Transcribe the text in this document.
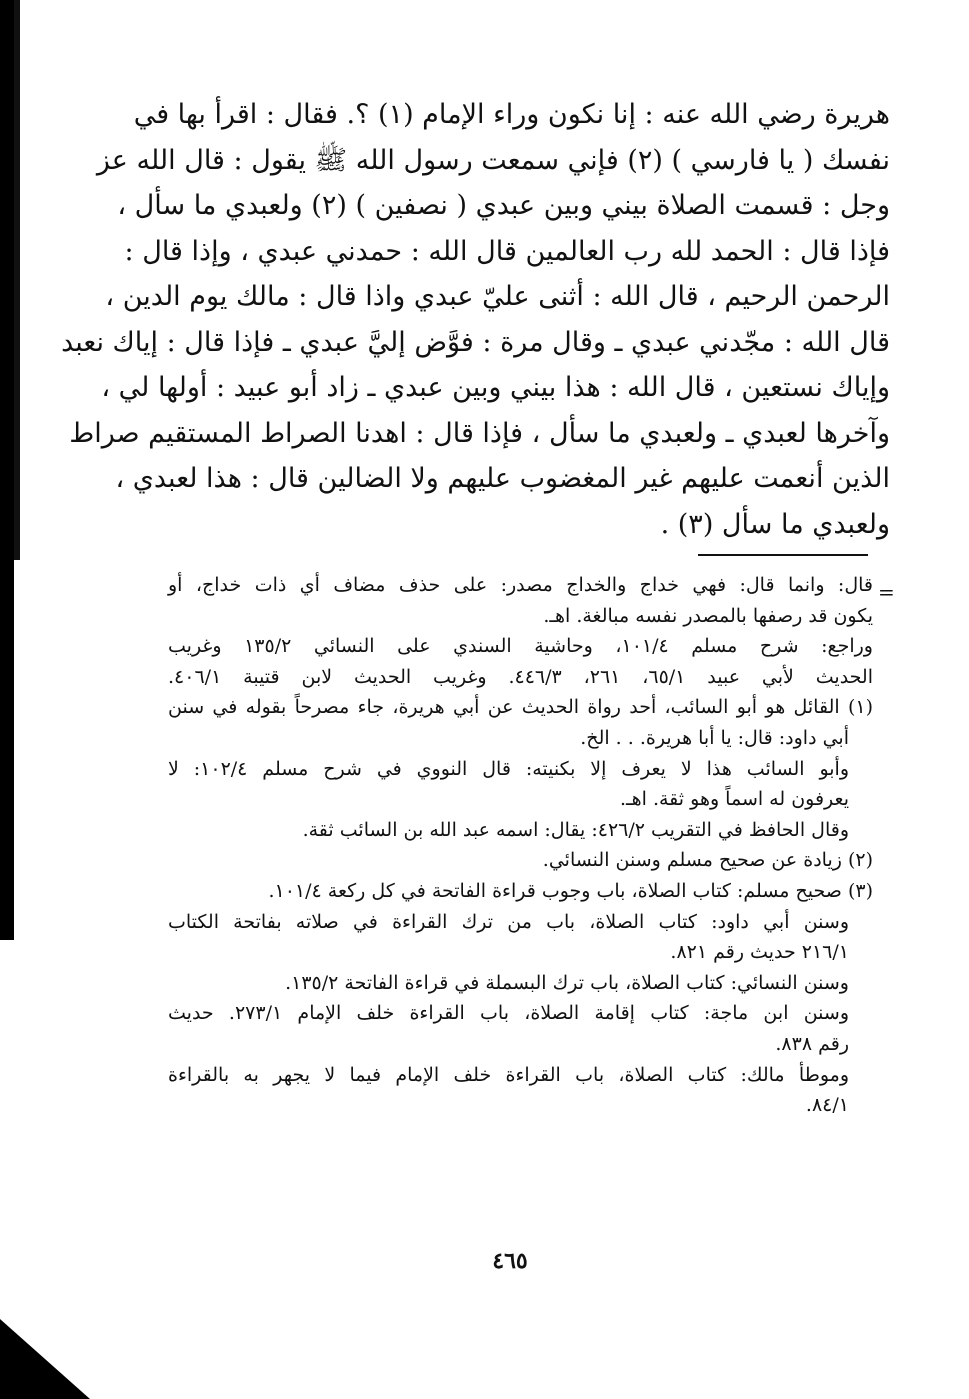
هريرة رضي الله عنه : إنا نكون وراء الإمام (١) ؟. فقال : اقرأ بها في
نفسك ( يا فارسي ) (٢) فإني سمعت رسول الله ﷺ يقول : قال الله عز
وجل : قسمت الصلاة بيني وبين عبدي ( نصفين ) (٢) ولعبدي ما سأل ،
فإذا قال : الحمد لله رب العالمين قال الله : حمدني عبدي ، وإذا قال :
الرحمن الرحيم ، قال الله : أثنى عليّ عبدي واذا قال : مالك يوم الدين ،
قال الله : مجّدني عبدي ـ وقال مرة : فوَّض إليَّ عبدي ـ فإذا قال : إياك نعبد
وإياك نستعين ، قال الله : هذا بيني وبين عبدي ـ زاد أبو عبيد : أولها لي ،
وآخرها لعبدي ـ ولعبدي ما سأل ، فإذا قال : اهدنا الصراط المستقيم صراط
الذين أنعمت عليهم غير المغضوب عليهم ولا الضالين قال : هذا لعبدي ،
ولعبدي ما سأل (٣) .
=
قال: وانما قال: فهي خداج والخداج مصدر: على حذف مضاف أي ذات خداج، أو
يكون قد رصفها بالمصدر نفسه مبالغة. اهـ.
وراجع: شرح مسلم ١٠١/٤، وحاشية السندي على النسائي ١٣٥/٢ وغريب
الحديث لأبي عبيد ٦٥/١، ٢٦١، ٤٤٦/٣. وغريب الحديث لابن قتيبة ٤٠٦/١.
(١) القائل هو أبو السائب، أحد رواة الحديث عن أبي هريرة، جاء مصرحاً بقوله في سنن
أبي داود: قال: يا أبا هريرة. . . الخ.
وأبو السائب هذا لا يعرف إلا بكنيته: قال النووي في شرح مسلم ١٠٢/٤: لا
يعرفون له اسماً وهو ثقة. اهـ.
وقال الحافظ في التقريب ٤٢٦/٢: يقال: اسمه عبد الله بن السائب ثقة.
(٢) زيادة عن صحيح مسلم وسنن النسائي.
(٣) صحيح مسلم: كتاب الصلاة، باب وجوب قراءة الفاتحة في كل ركعة ١٠١/٤.
وسنن أبي داود: كتاب الصلاة، باب من ترك القراءة في صلاته بفاتحة الكتاب
٢١٦/١ حديث رقم ٨٢١.
وسنن النسائي: كتاب الصلاة، باب ترك البسملة في قراءة الفاتحة ١٣٥/٢.
وسنن ابن ماجة: كتاب إقامة الصلاة، باب القراءة خلف الإمام ٢٧٣/١. حديث
رقم ٨٣٨.
وموطأ مالك: كتاب الصلاة، باب القراءة خلف الإمام فيما لا يجهر به بالقراءة
٨٤/١.
٤٦٥
